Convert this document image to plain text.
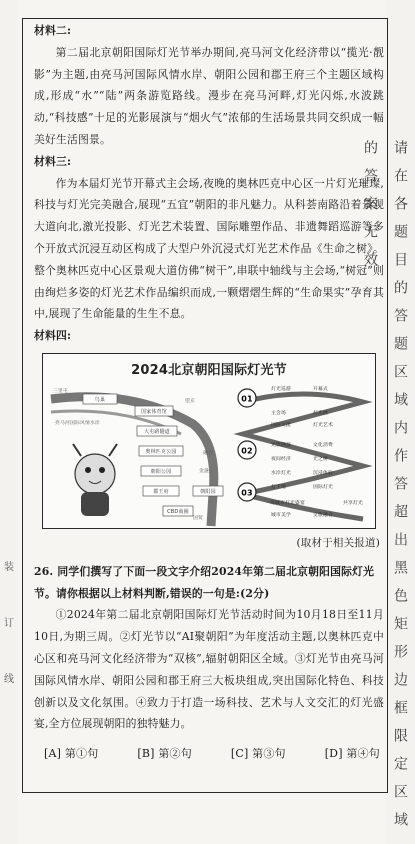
材料二:

第二届北京朝阳国际灯光节举办期间,亮马河文化经济带以“揽光·靓影”为主题,由亮马河国际风情水岸、朝阳公园和郡王府三个主题区域构成,形成“水”“陆”两条游览路线。漫步在亮马河畔,灯光闪烁,水波跳动,“科技感”十足的光影展演与“烟火气”浓郁的生活场景共同交织成一幅美好生活图景。

材料三:

作为本届灯光节开幕式主会场,夜晚的奥林匹克中心区一片灯光璀璨,科技与灯光完美融合,展现“五宜”朝阳的非凡魅力。从科荟南路沿着景观大道向北,激光投影、灯光艺术装置、国际雕塑作品、非遗舞蹈巡游等多个开放式沉浸互动区构成了大型户外沉浸式灯光艺术作品《生命之树》。整个奥林匹克中心区景观大道仿佛“树干”,串联中轴线与主会场,“树冠”则由绚烂多姿的灯光艺术作品编织而成,一颗熠熠生辉的“生命果实”孕育其中,展现了生命能量的生生不息。

材料四:
2024北京朝阳国际灯光节
鸟巢
国家体育馆
大屯路隧道
奥林匹克公园
朝阳公园
郡王府
CBD商圈
朝阳园
01
02
03
灯光巡游	开幕式
主会场	灯光展
国际交流	灯光艺术
光影展演	文化消费
夜间经济	光之树
水岸灯光	沉浸体验
打卡地	国际灯光
一场城市灯光盛宴
城市美学	文旅融合
共享灯光
三里屯
国贸
望京
融合
金盏
亮马河国际风情水岸
(取材于相关报道)
26. 同学们撰写了下面一段文字介绍2024年第二届北京朝阳国际灯光节。请你根据以上材料判断,错误的一句是:(2分)

①2024年第二届北京朝阳国际灯光节活动时间为10月18日至11月10日,为期三周。②灯光节以“AI聚朝阳”为年度活动主题,以奥林匹克中心区和亮马河文化经济带为“双核”,辐射朝阳区全域。③灯光节由亮马河国际风情水岸、朝阳公园和郡王府三大板块组成,突出国际化特色、科技创新以及文化氛围。④致力于打造一场科技、艺术与人文交汇的灯光盛宴,全方位展现朝阳的独特魅力。

[A] 第①句	[B] 第②句	[C] 第③句	[D] 第④句 请在各题目的答题区域内作答超出黑色矩形边框限定区域的答案无效
装
订
线
